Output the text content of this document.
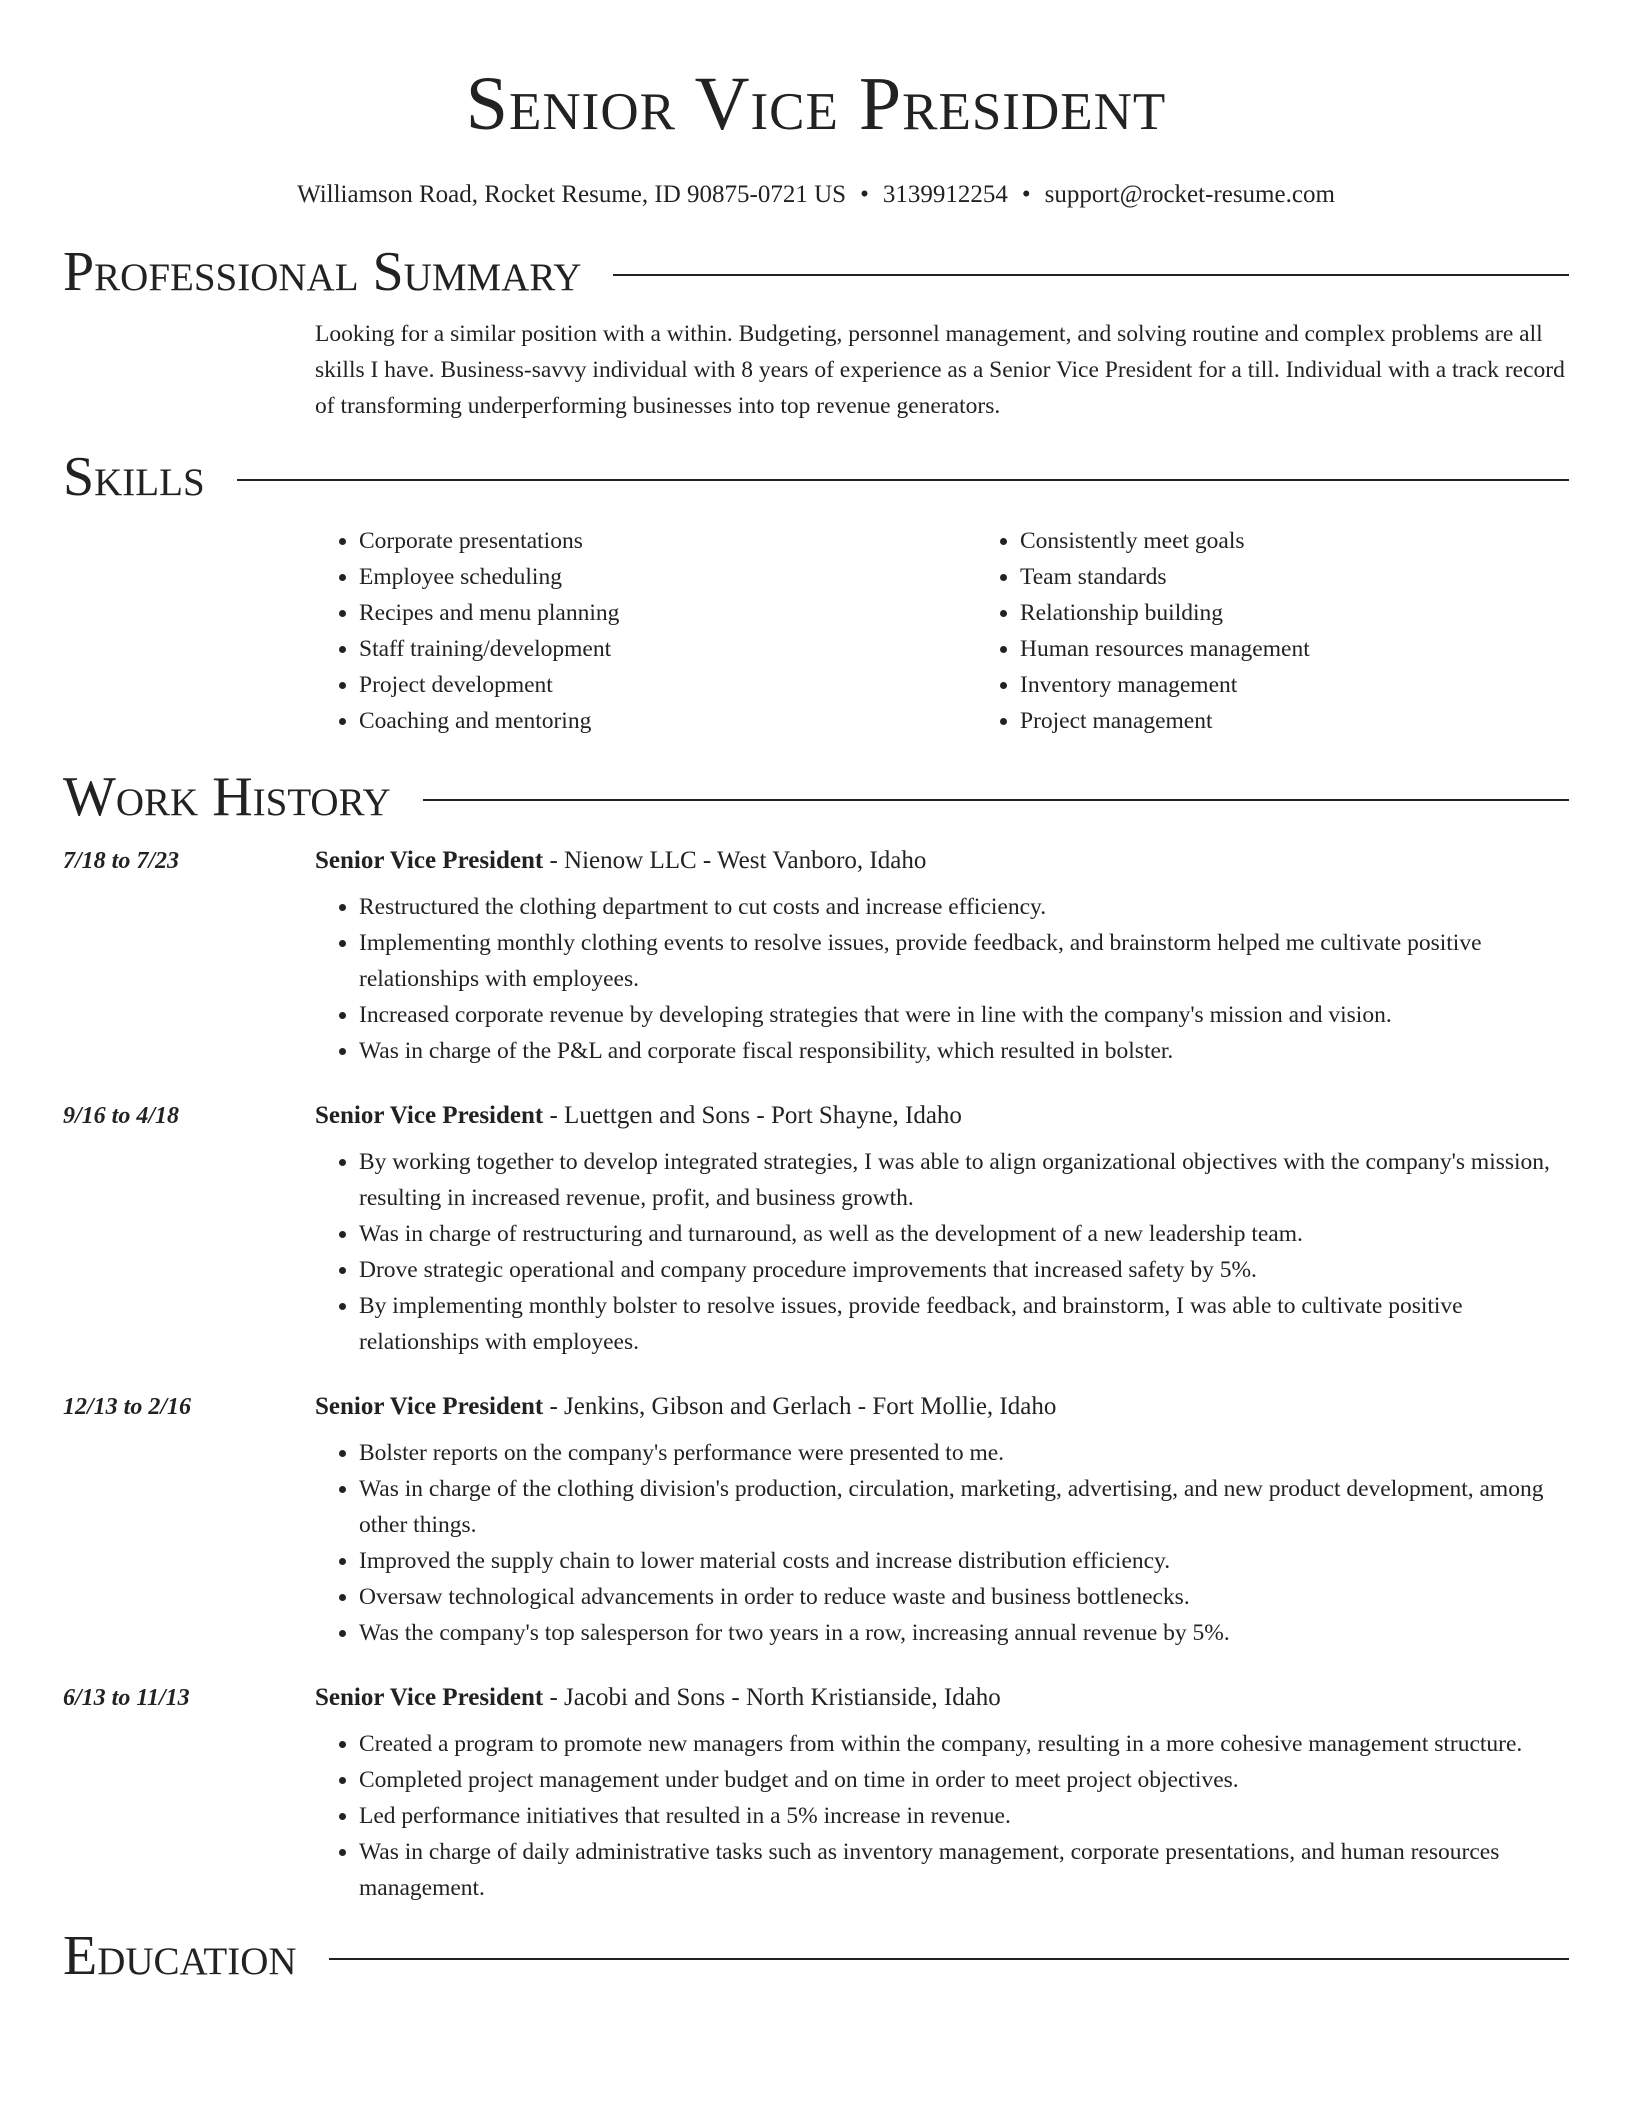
Senior Vice President
Williamson Road, Rocket Resume, ID 90875-0721 US • 3139912254 • support@rocket-resume.com
Professional Summary

Looking for a similar position with a within. Budgeting, personnel management, and solving routine and complex problems are all skills I have. Business-savvy individual with 8 years of experience as a Senior Vice President for a till. Individual with a track record of transforming underperforming businesses into top revenue generators.

Skills
• Corporate presentations
• Employee scheduling
• Recipes and menu planning
• Staff training/development
• Project development
• Coaching and mentoring
• Consistently meet goals
• Team standards
• Relationship building
• Human resources management
• Inventory management
• Project management
Work History
7/18 to 7/23	Senior Vice President - Nienow LLC - West Vanboro, Idaho
• Restructured the clothing department to cut costs and increase efficiency.
• Implementing monthly clothing events to resolve issues, provide feedback, and brainstorm helped me cultivate positive relationships with employees.
• Increased corporate revenue by developing strategies that were in line with the company's mission and vision.
• Was in charge of the P&L and corporate fiscal responsibility, which resulted in bolster.
9/16 to 4/18	Senior Vice President - Luettgen and Sons - Port Shayne, Idaho
• By working together to develop integrated strategies, I was able to align organizational objectives with the company's mission, resulting in increased revenue, profit, and business growth.
• Was in charge of restructuring and turnaround, as well as the development of a new leadership team.
• Drove strategic operational and company procedure improvements that increased safety by 5%.
• By implementing monthly bolster to resolve issues, provide feedback, and brainstorm, I was able to cultivate positive relationships with employees.
12/13 to 2/16	Senior Vice President - Jenkins, Gibson and Gerlach - Fort Mollie, Idaho
• Bolster reports on the company's performance were presented to me.
• Was in charge of the clothing division's production, circulation, marketing, advertising, and new product development, among other things.
• Improved the supply chain to lower material costs and increase distribution efficiency.
• Oversaw technological advancements in order to reduce waste and business bottlenecks.
• Was the company's top salesperson for two years in a row, increasing annual revenue by 5%.
6/13 to 11/13	Senior Vice President - Jacobi and Sons - North Kristianside, Idaho
• Created a program to promote new managers from within the company, resulting in a more cohesive management structure.
• Completed project management under budget and on time in order to meet project objectives.
• Led performance initiatives that resulted in a 5% increase in revenue.
• Was in charge of daily administrative tasks such as inventory management, corporate presentations, and human resources management.
Education
